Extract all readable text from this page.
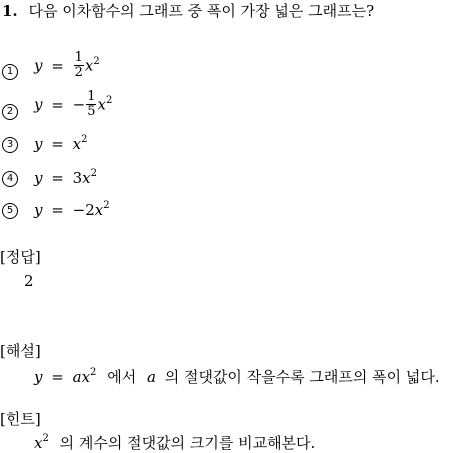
1. 다음 이차함수의 그래프 중 폭이 가장 넓은 그래프는?
1	$y = \frac{1}{2} x^2$
2	y = − $\frac{1}{5} x^2$
3	$y = x^2$
4	$y = 3x^2$
5	$y = -2x^2$
[정답]
2
[해설]
$y = ax^2$ 에서 a 의 절댓값이 작을수록 그래프의 폭이 넓다.
[힌트]
$x^2$ 의 계수의 절댓값의 크기를 비교해본다.
